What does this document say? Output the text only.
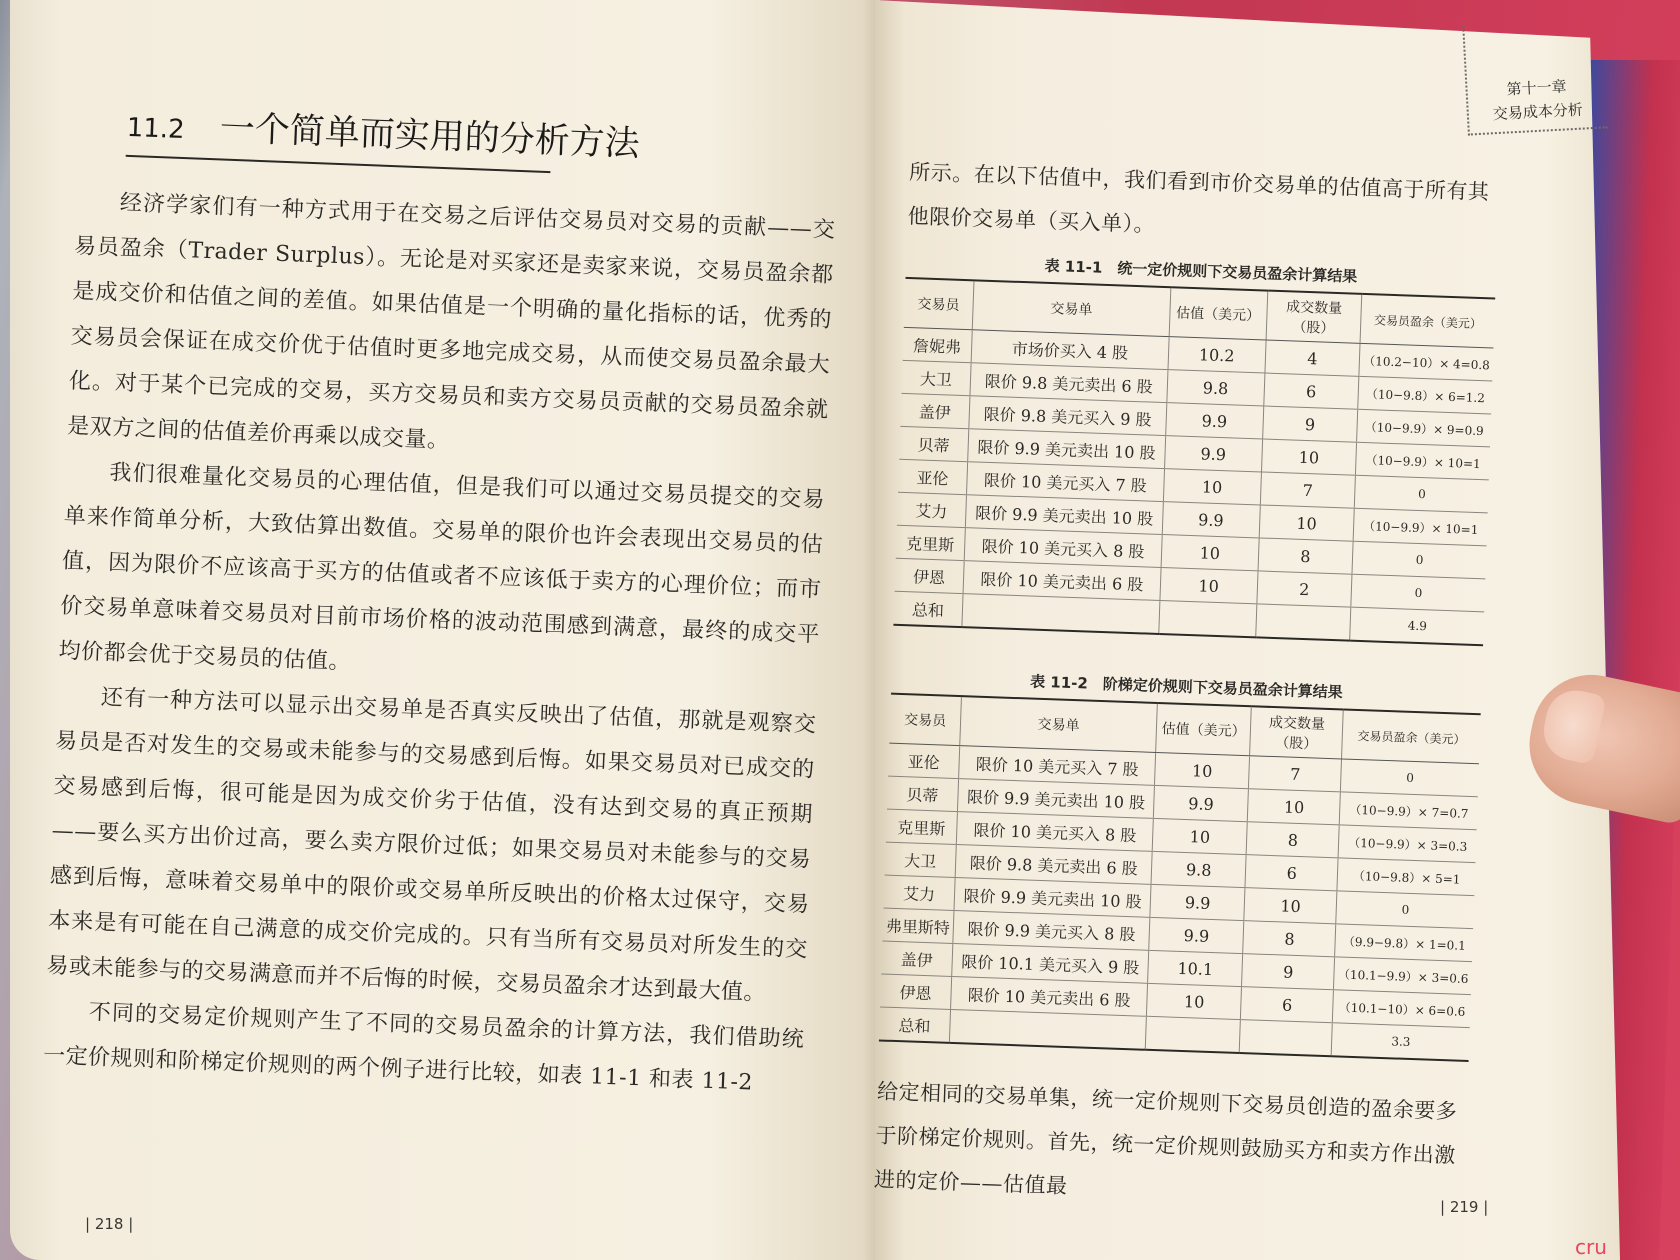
11.2 一个简单而实用的分析方法

经济学家们有一种方式用于在交易之后评估交易员对交易的贡献——交易员盈余（Trader Surplus）。无论是对买家还是卖家来说，交易员盈余都是成交价和估值之间的差值。如果估值是一个明确的量化指标的话，优秀的交易员会保证在成交价优于估值时更多地完成交易，从而使交易员盈余最大化。对于某个已完成的交易，买方交易员和卖方交易员贡献的交易员盈余就是双方之间的估值差价再乘以成交量。

我们很难量化交易员的心理估值，但是我们可以通过交易员提交的交易单来作简单分析，大致估算出数值。交易单的限价也许会表现出交易员的估值，因为限价不应该高于买方的估值或者不应该低于卖方的心理价位；而市价交易单意味着交易员对目前市场价格的波动范围感到满意，最终的成交平均价都会优于交易员的估值。

还有一种方法可以显示出交易单是否真实反映出了估值，那就是观察交易员是否对发生的交易或未能参与的交易感到后悔。如果交易员对已成交的交易感到后悔，很可能是因为成交价劣于估值，没有达到交易的真正预期——要么买方出价过高，要么卖方限价过低；如果交易员对未能参与的交易感到后悔，意味着交易单中的限价或交易单所反映出的价格太过保守，交易本来是有可能在自己满意的成交价完成的。只有当所有交易员对所发生的交易或未能参与的交易满意而并不后悔的时候，交易员盈余才达到最大值。

不同的交易定价规则产生了不同的交易员盈余的计算方法，我们借助统一定价规则和阶梯定价规则的两个例子进行比较，如表 11-1 和表 11-2

| 218 |
第十一章
交易成本分析

所示。在以下估值中，我们看到市价交易单的估值高于所有其他限价交易单（买入单）。

表 11-1　统一定价规则下交易员盈余计算结果
交易员	交易单	估值（美元）	成交数量（股）	交易员盈余（美元）
詹妮弗	市场价买入 4 股	10.2	4	（10.2−10）× 4=0.8
大卫	限价 9.8 美元卖出 6 股	9.8	6	（10−9.8）× 6=1.2
盖伊	限价 9.8 美元买入 9 股	9.9	9	（10−9.9）× 9=0.9
贝蒂	限价 9.9 美元卖出 10 股	9.9	10	（10−9.9）× 10=1
亚伦	限价 10 美元买入 7 股	10	7	0
艾力	限价 9.9 美元卖出 10 股	9.9	10	（10−9.9）× 10=1
克里斯	限价 10 美元买入 8 股	10	8	0
伊恩	限价 10 美元卖出 6 股	10	2	0
总和				4.9
表 11-2　阶梯定价规则下交易员盈余计算结果
交易员	交易单	估值（美元）	成交数量（股）	交易员盈余（美元）
亚伦	限价 10 美元买入 7 股	10	7	0
贝蒂	限价 9.9 美元卖出 10 股	9.9	10	（10−9.9）× 7=0.7
克里斯	限价 10 美元买入 8 股	10	8	（10−9.9）× 3=0.3
大卫	限价 9.8 美元卖出 6 股	9.8	6	（10−9.8）× 5=1
艾力	限价 9.9 美元卖出 10 股	9.9	10	0
弗里斯特	限价 9.9 美元买入 8 股	9.9	8	（9.9−9.8）× 1=0.1
盖伊	限价 10.1 美元买入 9 股	10.1	9	（10.1−9.9）× 3=0.6
伊恩	限价 10 美元卖出 6 股	10	6	（10.1−10）× 6=0.6
总和				3.3

给定相同的交易单集，统一定价规则下交易员创造的盈余要多于阶梯定价规则。首先，统一定价规则鼓励买方和卖方作出激进的定价——估值最

| 219 |
cru
